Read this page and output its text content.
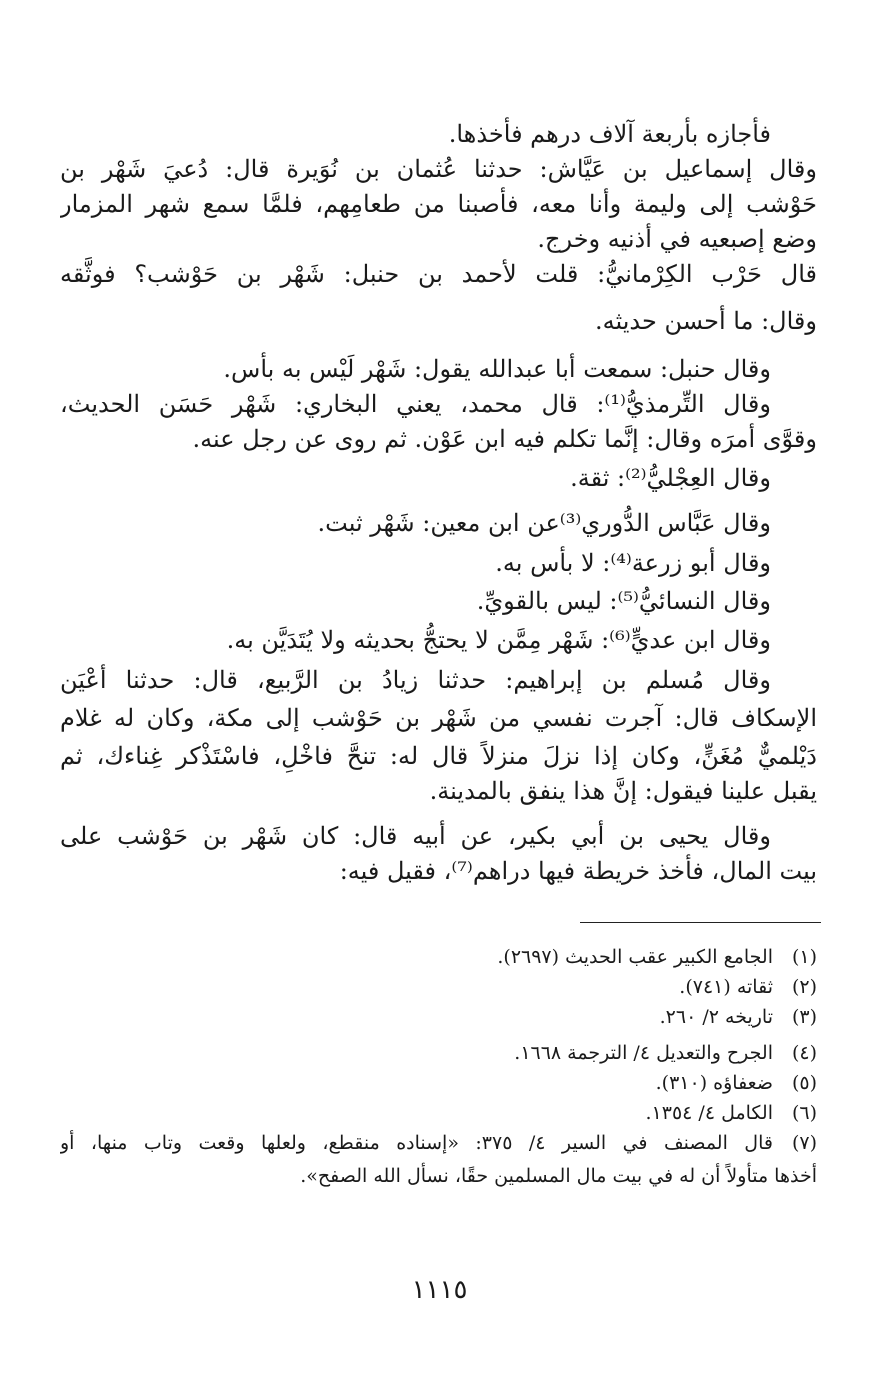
فأجازه بأربعة آلاف درهم فأخذها.
وقال إسماعيل بن عَيَّاش: حدثنا عُثمان بن نُوَيرة قال: دُعيَ شَهْر بن
حَوْشب إلى وليمة وأنا معه، فأصبنا من طعامِهم، فلمَّا سمع شهر المزمار
وضع إصبعيه في أذنيه وخرج.
قال حَرْب الكِرْمانيُّ: قلت لأحمد بن حنبل: شَهْر بن حَوْشب؟ فوثَّقه
وقال: ما أحسن حديثه.
وقال حنبل: سمعت أبا عبدالله يقول: شَهْر لَيْس به بأس.
وقال التِّرمذيُّ⁽¹⁾: قال محمد، يعني البخاري: شَهْر حَسَن الحديث،
وقوَّى أمرَه وقال: إنَّما تكلم فيه ابن عَوْن. ثم روى عن رجل عنه.
وقال العِجْليُّ⁽²⁾: ثقة.
وقال عَبَّاس الدُّوري⁽³⁾عن ابن معين: شَهْر ثبت.
وقال أبو زرعة⁽⁴⁾: لا بأس به.
وقال النسائيُّ⁽⁵⁾: ليس بالقويِّ.
وقال ابن عديٍّ⁽⁶⁾: شَهْر مِمَّن لا يحتجُّ بحديثه ولا يُتَدَيَّن به.
وقال مُسلم بن إبراهيم: حدثنا زيادُ بن الرَّبيع، قال: حدثنا أعْيَن
الإسكاف قال: آجرت نفسي من شَهْر بن حَوْشب إلى مكة، وكان له غلام
دَيْلميٌّ مُغَنٍّ، وكان إذا نزلَ منزلاً قال له: تنحَّ فاخْلِ، فاسْتَذْكر غِناءك، ثم
يقبل علينا فيقول: إنَّ هذا ينفق بالمدينة.
وقال يحيى بن أبي بكير، عن أبيه قال: كان شَهْر بن حَوْشب على
بيت المال، فأخذ خريطة فيها دراهم⁽⁷⁾، فقيل فيه:
(١)الجامع الكبير عقب الحديث (٢٦٩٧).
(٢)ثقاته (٧٤١).
(٣)تاريخه ٢/ ٢٦٠.
(٤)الجرح والتعديل ٤/ الترجمة ١٦٦٨.
(٥)ضعفاؤه (٣١٠).
(٦)الكامل ٤/ ١٣٥٤.
(٧)قال المصنف في السير ٤/ ٣٧٥: «إسناده منقطع، ولعلها وقعت وتاب منها، أو
أخذها متأولاً أن له في بيت مال المسلمين حقًا، نسأل الله الصفح».
١١١٥
